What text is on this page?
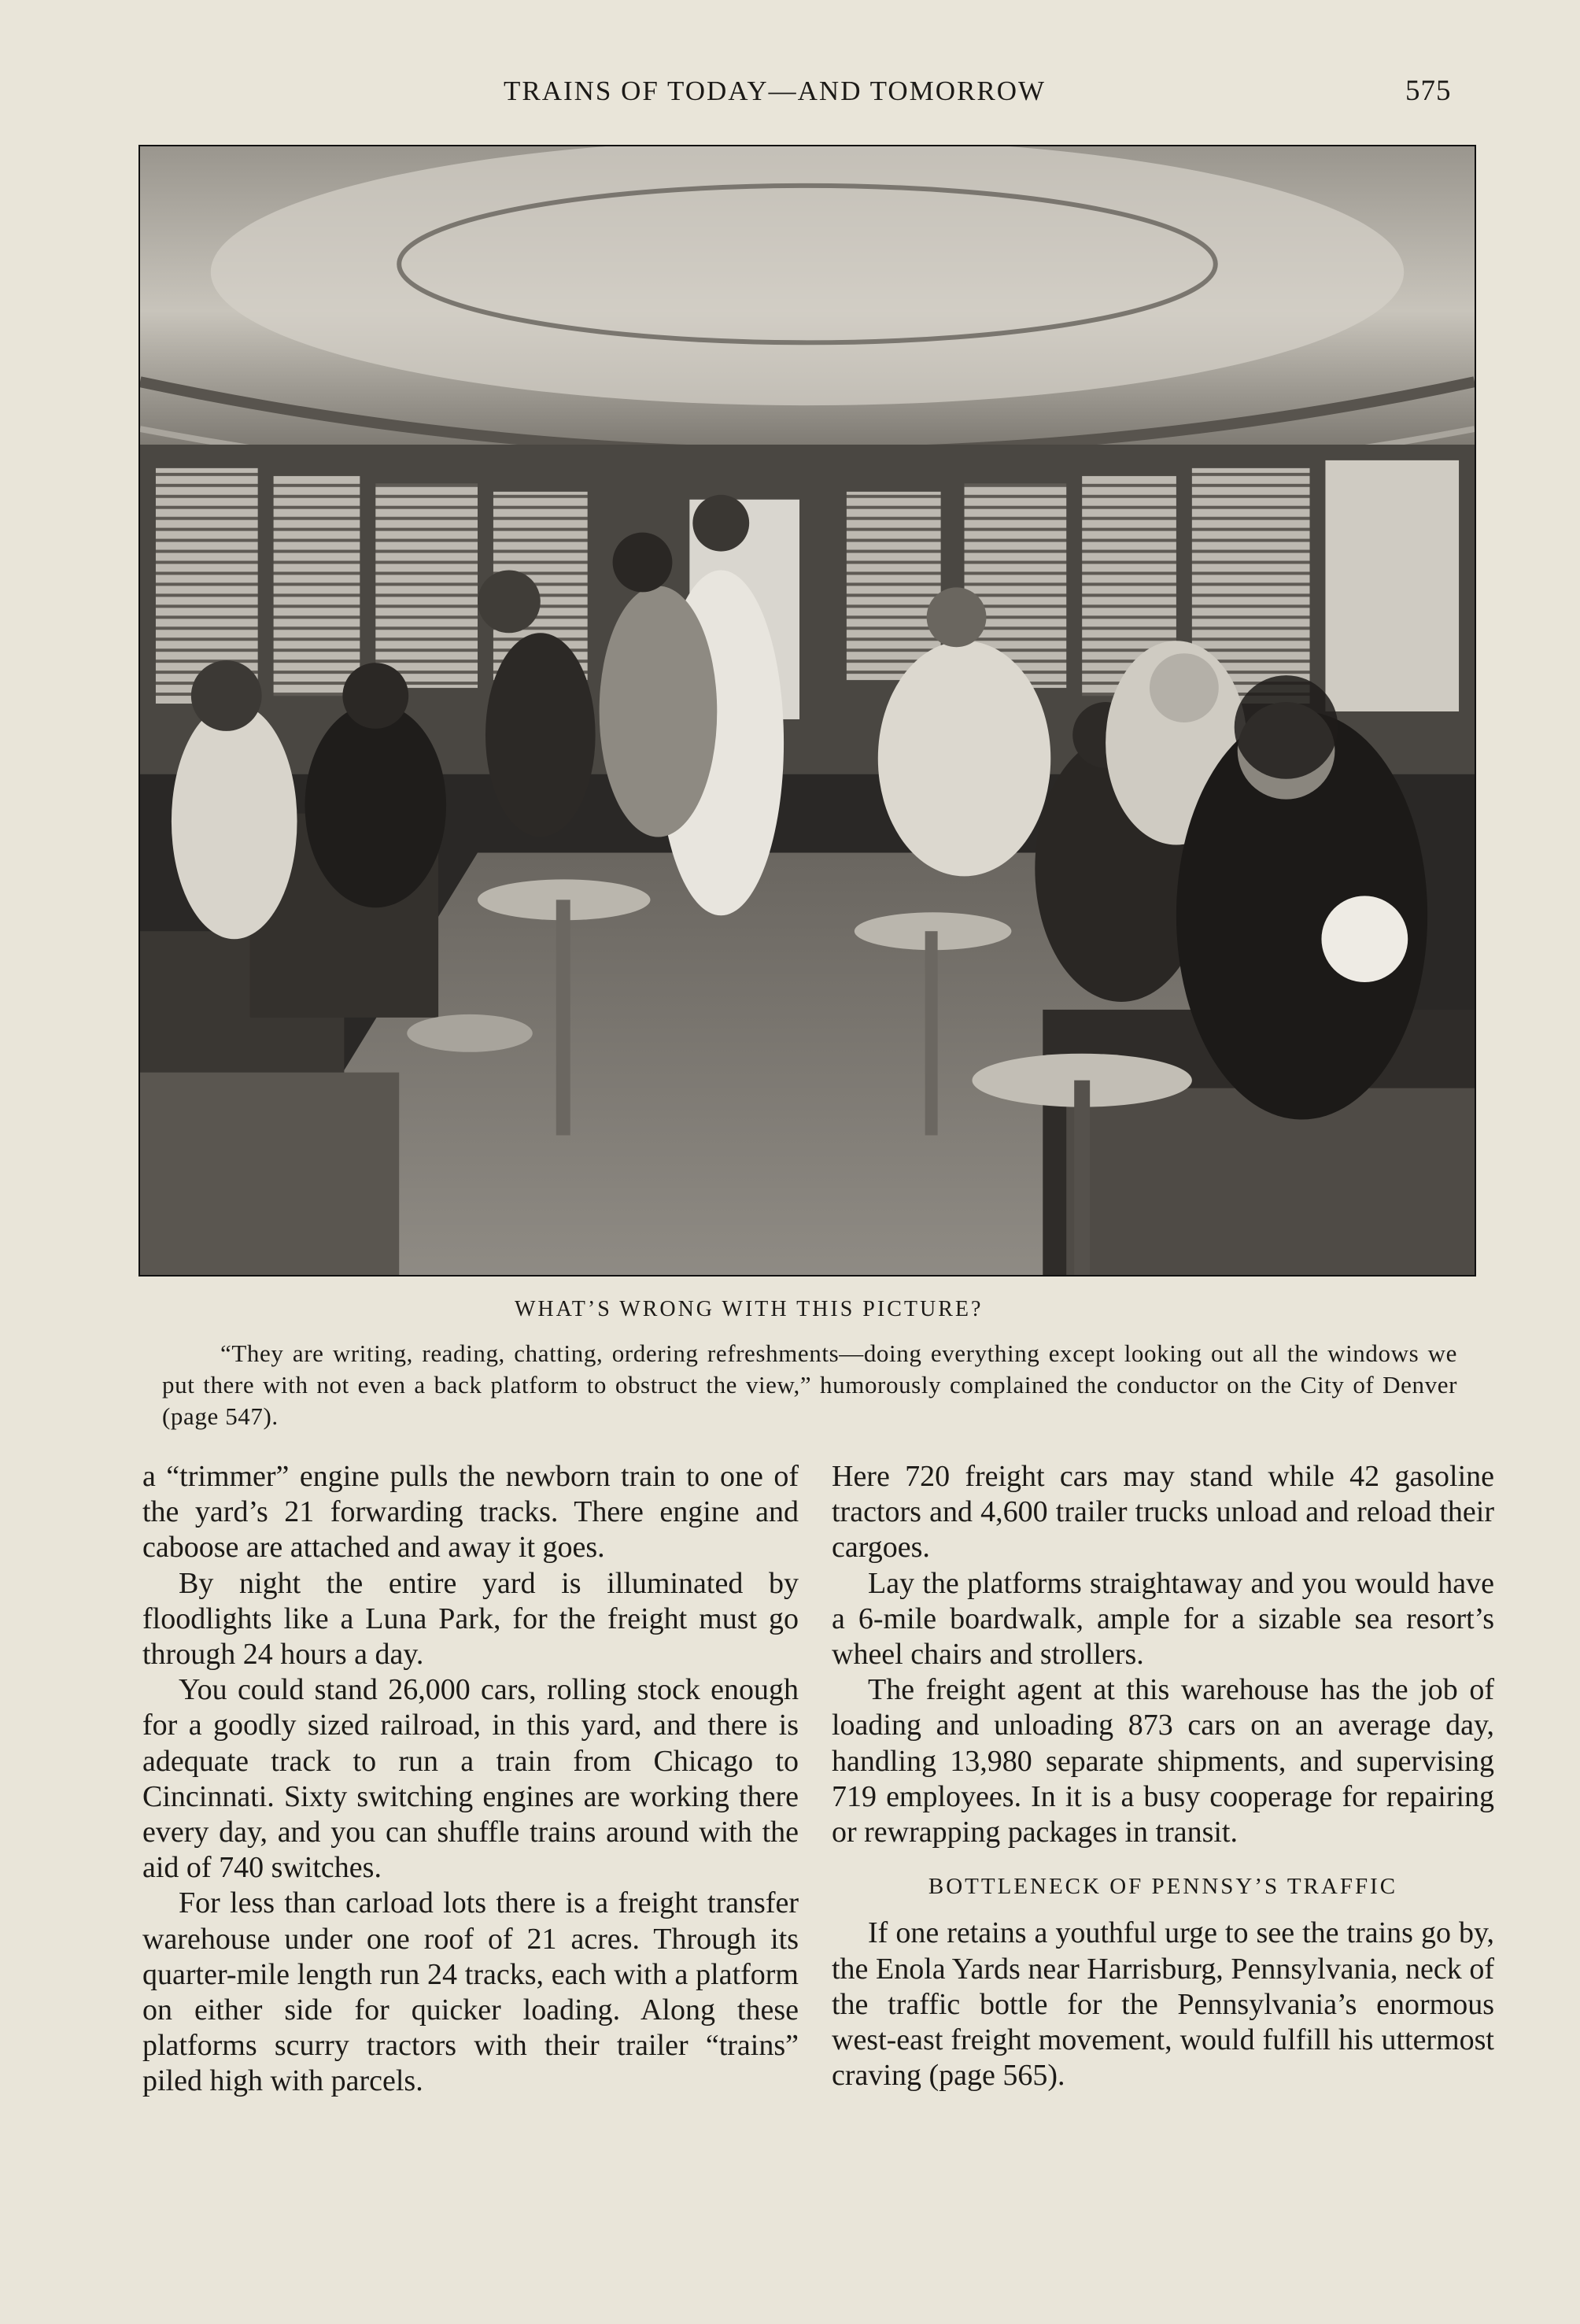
TRAINS OF TODAY—AND TOMORROW	575
WHAT’S WRONG WITH THIS PICTURE?
“They are writing, reading, chatting, ordering refreshments—doing everything except looking out all the windows we put there with not even a back platform to obstruct the view,” humorously complained the conductor on the City of Denver (page 547).

a “trimmer” engine pulls the newborn train to one of the yard’s 21 forwarding tracks. There engine and caboose are attached and away it goes.

By night the entire yard is illuminated by floodlights like a Luna Park, for the freight must go through 24 hours a day.

You could stand 26,000 cars, rolling stock enough for a goodly sized railroad, in this yard, and there is adequate track to run a train from Chicago to Cincinnati. Sixty switching engines are working there every day, and you can shuffle trains around with the aid of 740 switches.

For less than carload lots there is a freight transfer warehouse under one roof of 21 acres. Through its quarter-mile length run 24 tracks, each with a platform on either side for quicker loading. Along these platforms scurry tractors with their trailer “trains” piled high with parcels.

Here 720 freight cars may stand while 42 gasoline tractors and 4,600 trailer trucks unload and reload their cargoes.

Lay the platforms straightaway and you would have a 6-mile boardwalk, ample for a sizable sea resort’s wheel chairs and strollers.

The freight agent at this warehouse has the job of loading and unloading 873 cars on an average day, handling 13,980 separate shipments, and supervising 719 employees. In it is a busy cooperage for repairing or rewrapping packages in transit.

BOTTLENECK OF PENNSY’S TRAFFIC

If one retains a youthful urge to see the trains go by, the Enola Yards near Harrisburg, Pennsylvania, neck of the traffic bottle for the Pennsylvania’s enormous west-east freight movement, would fulfill his uttermost craving (page 565).
